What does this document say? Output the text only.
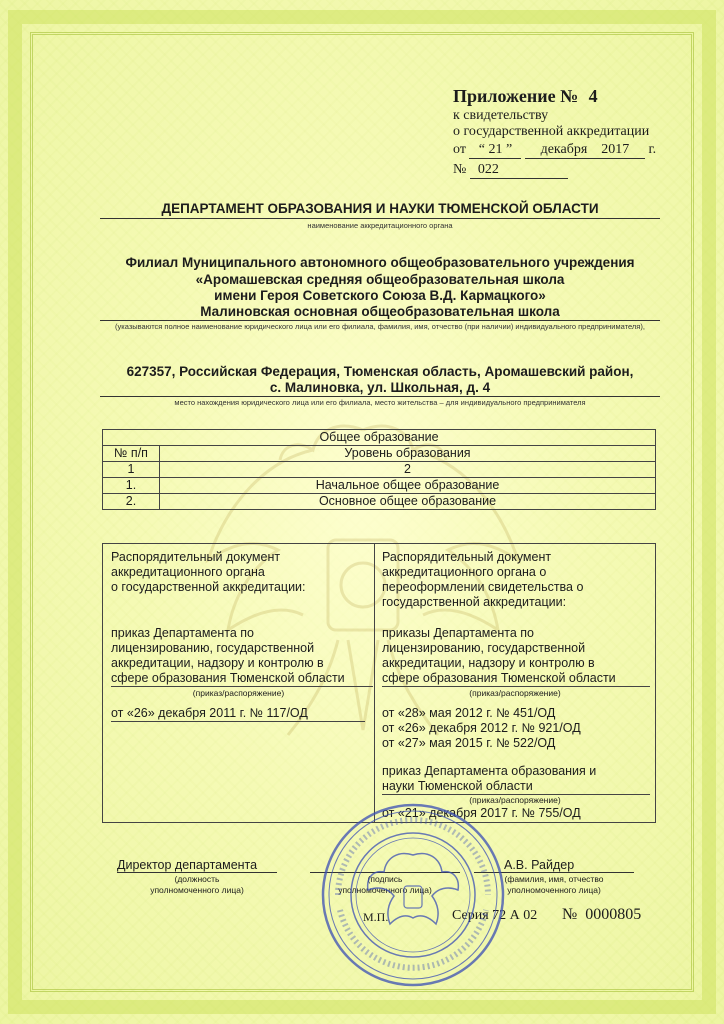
Приложение № 4
к свидетельству
о государственной аккредитации
от “ 21 ” декабря 2017 г.
№ 022
ДЕПАРТАМЕНТ ОБРАЗОВАНИЯ И НАУКИ ТЮМЕНСКОЙ ОБЛАСТИ
наименование аккредитационного органа
Филиал Муниципального автономного общеобразовательного учреждения
«Аромашевская средняя общеобразовательная школа
имени Героя Советского Союза В.Д. Кармацкого»
Малиновская основная общеобразовательная школа
(указываются полное наименование юридического лица или его филиала, фамилия, имя, отчество (при наличии) индивидуального предпринимателя),
627357, Российская Федерация, Тюменская область, Аромашевский район,
с. Малиновка, ул. Школьная, д. 4
место нахождения юридического лица или его филиала, место жительства – для индивидуального предпринимателя
Общее образование	
№ п/п	Уровень образования
1	2
1.	Начальное общее образование
2.	Основное общее образование
Распорядительный документ
аккредитационного органа
о государственной аккредитации:
приказ Департамента по
лицензированию, государственной
аккредитации, надзору и контролю в
сфере образования Тюменской области
(приказ/распоряжение)
от «26» декабря 2011 г. № 117/ОД
Распорядительный документ
аккредитационного органа о
переоформлении свидетельства о
государственной аккредитации:
приказы Департамента по
лицензированию, государственной
аккредитации, надзору и контролю в
сфере образования Тюменской области
(приказ/распоряжение)
от «28» мая 2012 г. № 451/ОД
от «26» декабря 2012 г. № 921/ОД
от «27» мая 2015 г. № 522/ОД
приказ Департамента образования и
науки Тюменской области
(приказ/распоряжение)
от «21» декабря 2017 г. № 755/ОД
Директор департамента
(должность
уполномоченного лица)
(подпись
уполномоченного лица)
А.В. Райдер
(фамилия, имя, отчество
уполномоченного лица)
М.П.	Серия 72 А 02 № 0000805
